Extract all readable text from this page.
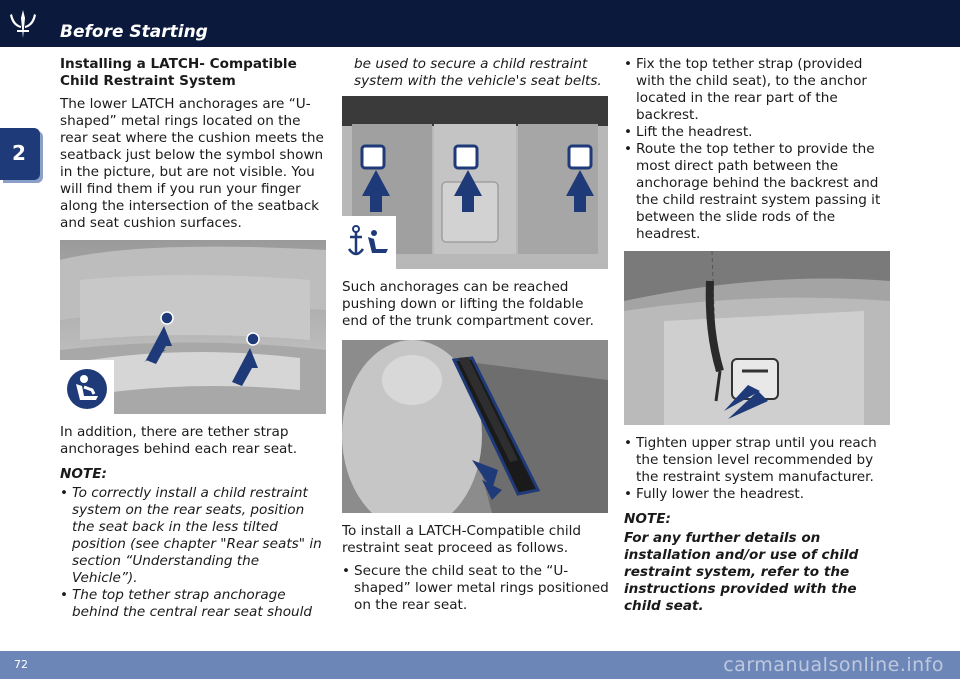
Before Starting
2

Installing a LATCH- Compatible Child Restraint System

The lower LATCH anchorages are “U-shaped” metal rings located on the rear seat where the cushion meets the seatback just below the symbol shown in the picture, but are not visible. You will find them if you run your finger along the intersection of the seatback and seat cushion surfaces.

In addition, there are tether strap anchorages behind each rear seat.

NOTE:
• To correctly install a child restraint system on the rear seats, position the seat back in the less tilted position (see chapter "Rear seats" in section “Understanding the Vehicle”).
• The top tether strap anchorage behind the central rear seat should

be used to secure a child restraint system with the vehicle's seat belts.

Such anchorages can be reached pushing down or lifting the foldable end of the trunk compartment cover.

To install a LATCH-Compatible child restraint seat proceed as follows.

• Secure the child seat to the “U-shaped” lower metal rings positioned on the rear seat.
• Fix the top tether strap (provided with the child seat), to the anchor located in the rear part of the backrest.
• Lift the headrest.
• Route the top tether to provide the most direct path between the anchorage behind the backrest and the child restraint system passing it between the slide rods of the headrest.
• Tighten upper strap until you reach the tension level recommended by the restraint system manufacturer.
• Fully lower the headrest.
NOTE:

For any further details on installation and/or use of child restraint system, refer to the instructions provided with the child seat.

72	carmanualsonline.info
